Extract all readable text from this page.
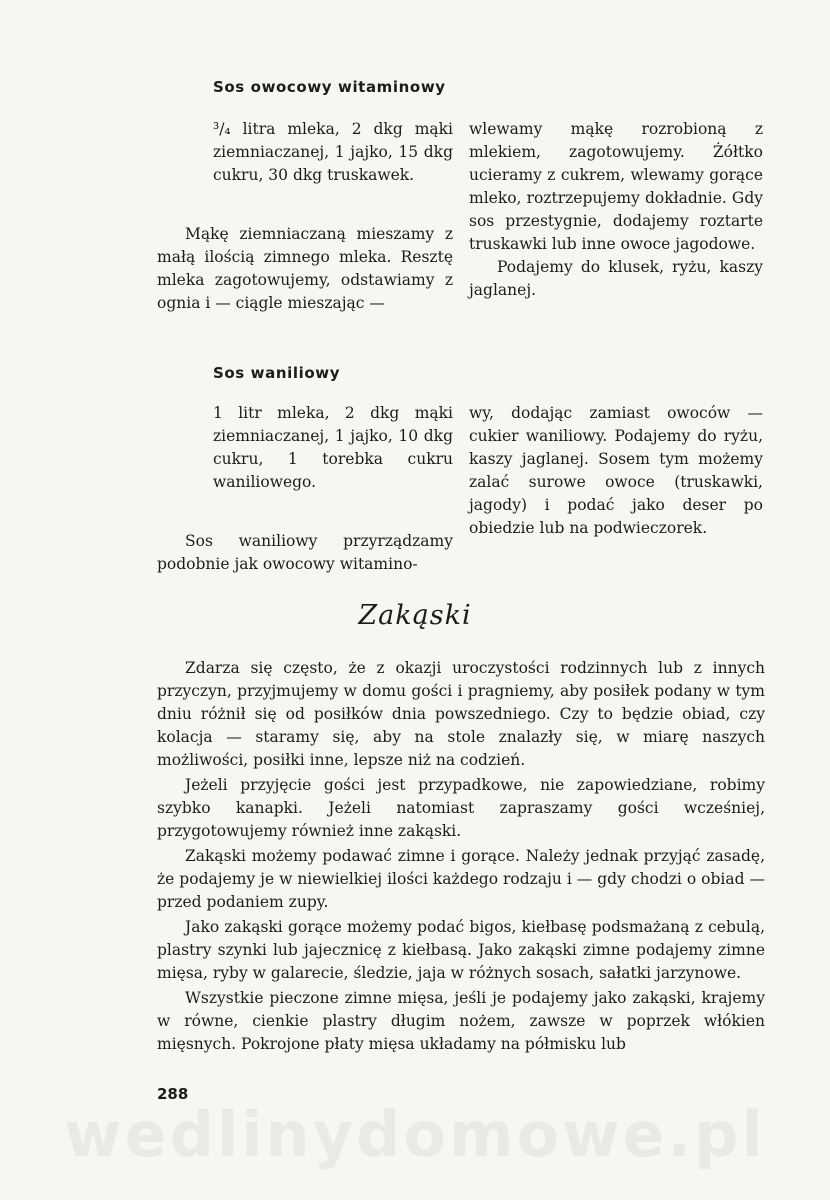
Sos owocowy witaminowy

³/₄ litra mleka, 2 dkg mąki ziemniaczanej, 1 jajko, 15 dkg cukru, 30 dkg truskawek.

Mąkę ziemniaczaną mieszamy z małą ilością zimnego mleka. Resztę mleka zagotowujemy, odstawiamy z ognia i — ciągle mieszając —

wlewamy mąkę rozrobioną z mlekiem, zagotowujemy. Żółtko ucieramy z cukrem, wlewamy gorące mleko, roztrzepujemy dokładnie. Gdy sos przestygnie, dodajemy roztarte truskawki lub inne owoce jagodowe.

Podajemy do klusek, ryżu, kaszy jaglanej.

Sos waniliowy

1 litr mleka, 2 dkg mąki ziemniaczanej, 1 jajko, 10 dkg cukru, 1 torebka cukru waniliowego.

Sos waniliowy przyrządzamy podobnie jak owocowy witamino-

wy, dodając zamiast owoców — cukier waniliowy. Podajemy do ryżu, kaszy jaglanej. Sosem tym możemy zalać surowe owoce (truskawki, jagody) i podać jako deser po obiedzie lub na podwieczorek.

Zakąski

Zdarza się często, że z okazji uroczystości rodzinnych lub z innych przyczyn, przyjmujemy w domu gości i pragniemy, aby posiłek podany w tym dniu różnił się od posiłków dnia powszedniego. Czy to będzie obiad, czy kolacja — staramy się, aby na stole znalazły się, w miarę naszych możliwości, posiłki inne, lepsze niż na codzień.

Jeżeli przyjęcie gości jest przypadkowe, nie zapowiedziane, robimy szybko kanapki. Jeżeli natomiast zapraszamy gości wcześniej, przygotowujemy również inne zakąski.

Zakąski możemy podawać zimne i gorące. Należy jednak przyjąć zasadę, że podajemy je w niewielkiej ilości każdego rodzaju i — gdy chodzi o obiad — przed podaniem zupy.

Jako zakąski gorące możemy podać bigos, kiełbasę podsmażaną z cebulą, plastry szynki lub jajecznicę z kiełbasą. Jako zakąski zimne podajemy zimne mięsa, ryby w galarecie, śledzie, jaja w różnych sosach, sałatki jarzynowe.

Wszystkie pieczone zimne mięsa, jeśli je podajemy jako zakąski, krajemy w równe, cienkie plastry długim nożem, zawsze w poprzek włókien mięsnych. Pokrojone płaty mięsa układamy na półmisku lub

288
wedlinydomowe.pl
